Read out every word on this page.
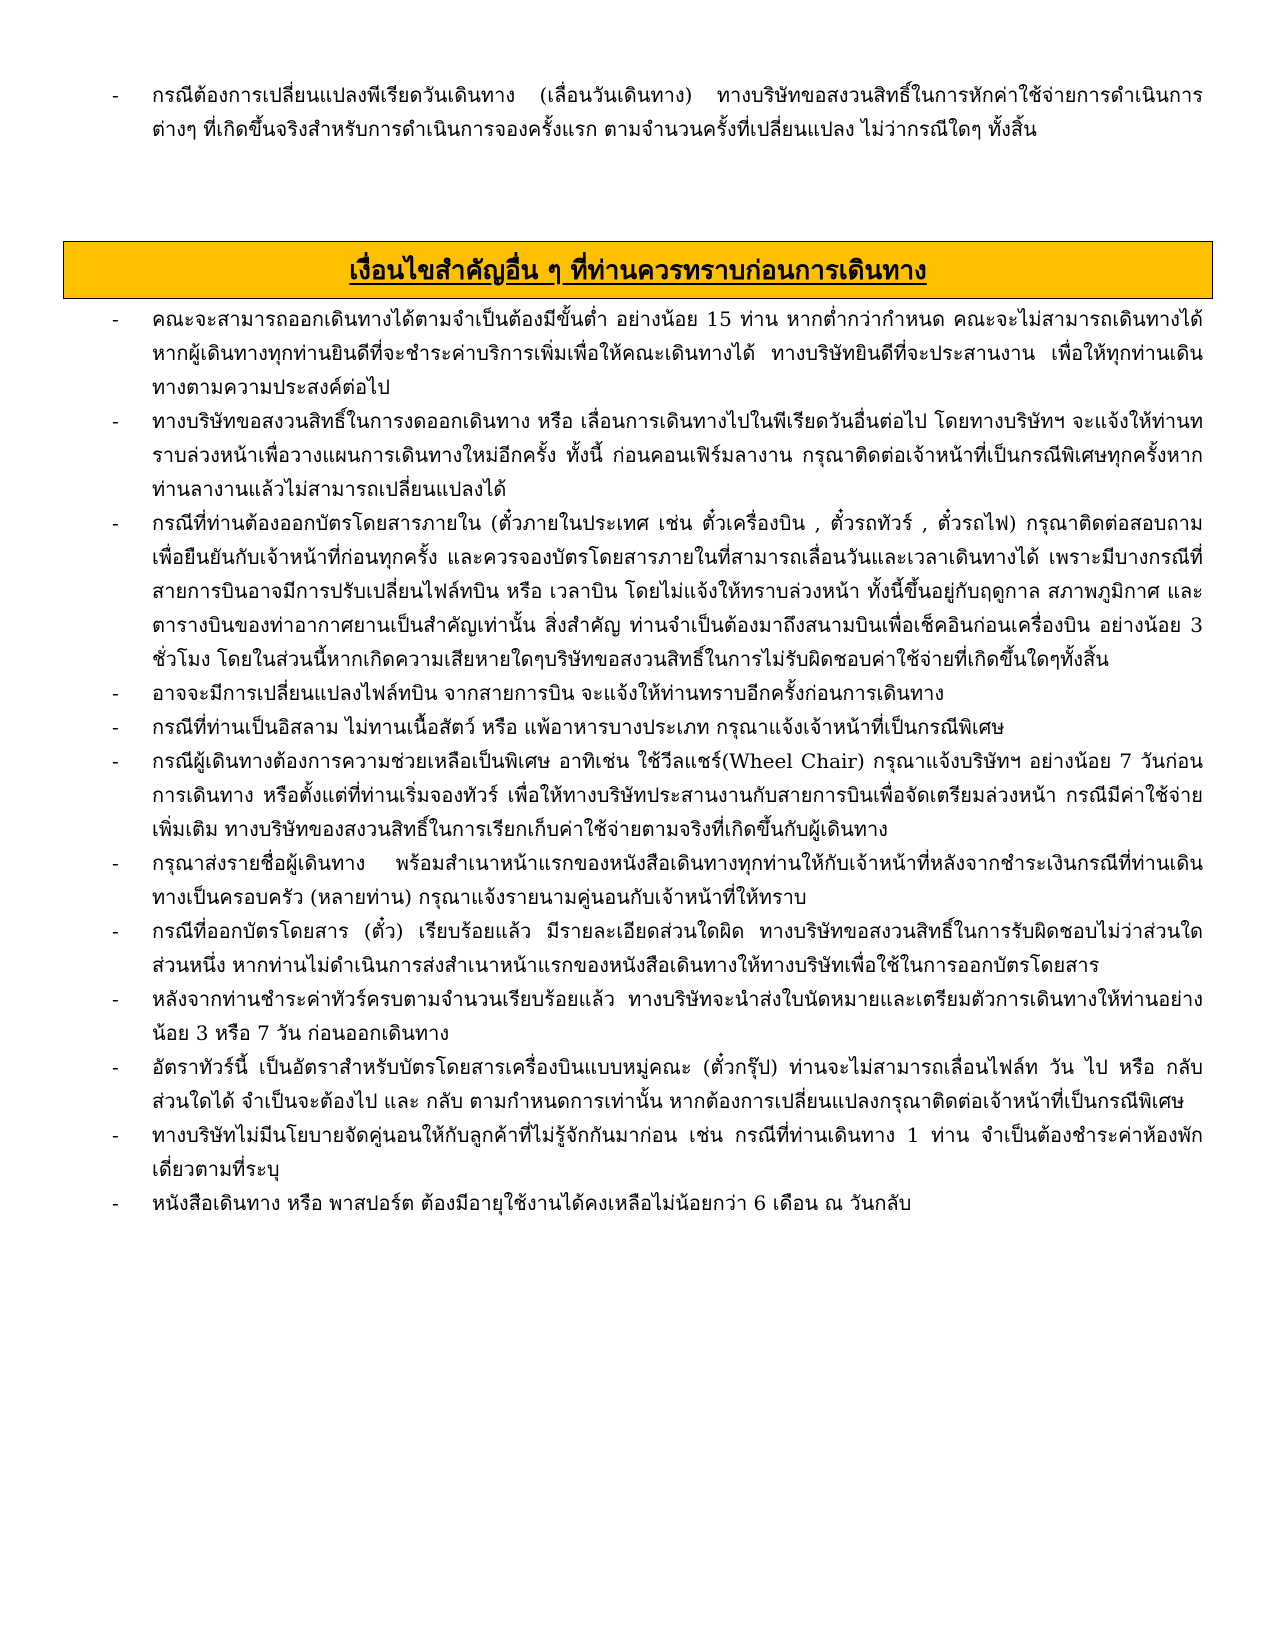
- กรณีต้องการเปลี่ยนแปลงพีเรียดวันเดินทาง (เลื่อนวันเดินทาง) ทางบริษัทขอสงวนสิทธิ์ในการหักค่าใช้จ่ายการดำเนินการต่างๆ ที่เกิดขึ้นจริงสำหรับการดำเนินการจองครั้งแรก ตามจำนวนครั้งที่เปลี่ยนแปลง ไม่ว่ากรณีใดๆ ทั้งสิ้น
เงื่อนไขสำคัญอื่น ๆ ที่ท่านควรทราบก่อนการเดินทาง
- คณะจะสามารถออกเดินทางได้ตามจำเป็นต้องมีขั้นต่ำ อย่างน้อย 15 ท่าน หากต่ำกว่ากำหนด คณะจะไม่สามารถเดินทางได้ หากผู้เดินทางทุกท่านยินดีที่จะชำระค่าบริการเพิ่มเพื่อให้คณะเดินทางได้ ทางบริษัทยินดีที่จะประสานงาน เพื่อให้ทุกท่านเดินทางตามความประสงค์ต่อไป
- ทางบริษัทขอสงวนสิทธิ์ในการงดออกเดินทาง หรือ เลื่อนการเดินทางไปในพีเรียดวันอื่นต่อไป โดยทางบริษัทฯ จะแจ้งให้ท่านทราบล่วงหน้าเพื่อวางแผนการเดินทางใหม่อีกครั้ง ทั้งนี้ ก่อนคอนเฟิร์มลางาน กรุณาติดต่อเจ้าหน้าที่เป็นกรณีพิเศษทุกครั้งหากท่านลางานแล้วไม่สามารถเปลี่ยนแปลงได้
- กรณีที่ท่านต้องออกบัตรโดยสารภายใน (ตั๋วภายในประเทศ เช่น ตั๋วเครื่องบิน , ตั๋วรถทัวร์ , ตั๋วรถไฟ) กรุณาติดต่อสอบถามเพื่อยืนยันกับเจ้าหน้าที่ก่อนทุกครั้ง และควรจองบัตรโดยสารภายในที่สามารถเลื่อนวันและเวลาเดินทางได้ เพราะมีบางกรณีที่สายการบินอาจมีการปรับเปลี่ยนไฟล์ทบิน หรือ เวลาบิน โดยไม่แจ้งให้ทราบล่วงหน้า ทั้งนี้ขึ้นอยู่กับฤดูกาล สภาพภูมิกาศ และ ตารางบินของท่าอากาศยานเป็นสำคัญเท่านั้น สิ่งสำคัญ ท่านจำเป็นต้องมาถึงสนามบินเพื่อเช็คอินก่อนเครื่องบิน อย่างน้อย 3 ชั่วโมง โดยในส่วนนี้หากเกิดความเสียหายใดๆบริษัทขอสงวนสิทธิ์ในการไม่รับผิดชอบค่าใช้จ่ายที่เกิดขึ้นใดๆทั้งสิ้น
- อาจจะมีการเปลี่ยนแปลงไฟล์ทบิน จากสายการบิน จะแจ้งให้ท่านทราบอีกครั้งก่อนการเดินทาง
- กรณีที่ท่านเป็นอิสลาม ไม่ทานเนื้อสัตว์ หรือ แพ้อาหารบางประเภท กรุณาแจ้งเจ้าหน้าที่เป็นกรณีพิเศษ
- กรณีผู้เดินทางต้องการความช่วยเหลือเป็นพิเศษ อาทิเช่น ใช้วีลแชร์(Wheel Chair) กรุณาแจ้งบริษัทฯ อย่างน้อย 7 วันก่อนการเดินทาง หรือตั้งแต่ที่ท่านเริ่มจองทัวร์ เพื่อให้ทางบริษัทประสานงานกับสายการบินเพื่อจัดเตรียมล่วงหน้า กรณีมีค่าใช้จ่ายเพิ่มเติม ทางบริษัทของสงวนสิทธิ์ในการเรียกเก็บค่าใช้จ่ายตามจริงที่เกิดขึ้นกับผู้เดินทาง
- กรุณาส่งรายชื่อผู้เดินทาง พร้อมสำเนาหน้าแรกของหนังสือเดินทางทุกท่านให้กับเจ้าหน้าที่หลังจากชำระเงินกรณีที่ท่านเดินทางเป็นครอบครัว (หลายท่าน) กรุณาแจ้งรายนามคู่นอนกับเจ้าหน้าที่ให้ทราบ
- กรณีที่ออกบัตรโดยสาร (ตั๋ว) เรียบร้อยแล้ว มีรายละเอียดส่วนใดผิด ทางบริษัทขอสงวนสิทธิ์ในการรับผิดชอบไม่ว่าส่วนใดส่วนหนึ่ง หากท่านไม่ดำเนินการส่งสำเนาหน้าแรกของหนังสือเดินทางให้ทางบริษัทเพื่อใช้ในการออกบัตรโดยสาร
- หลังจากท่านชำระค่าทัวร์ครบตามจำนวนเรียบร้อยแล้ว ทางบริษัทจะนำส่งใบนัดหมายและเตรียมตัวการเดินทางให้ท่านอย่างน้อย 3 หรือ 7 วัน ก่อนออกเดินทาง
- อัตราทัวร์นี้ เป็นอัตราสำหรับบัตรโดยสารเครื่องบินแบบหมู่คณะ (ตั๋วกรุ๊ป) ท่านจะไม่สามารถเลื่อนไฟล์ท วัน ไป หรือ กลับส่วนใดได้ จำเป็นจะต้องไป และ กลับ ตามกำหนดการเท่านั้น หากต้องการเปลี่ยนแปลงกรุณาติดต่อเจ้าหน้าที่เป็นกรณีพิเศษ
- ทางบริษัทไม่มีนโยบายจัดคู่นอนให้กับลูกค้าที่ไม่รู้จักกันมาก่อน เช่น กรณีที่ท่านเดินทาง 1 ท่าน จำเป็นต้องชำระค่าห้องพักเดี่ยวตามที่ระบุ
- หนังสือเดินทาง หรือ พาสปอร์ต ต้องมีอายุใช้งานได้คงเหลือไม่น้อยกว่า 6 เดือน ณ วันกลับ
